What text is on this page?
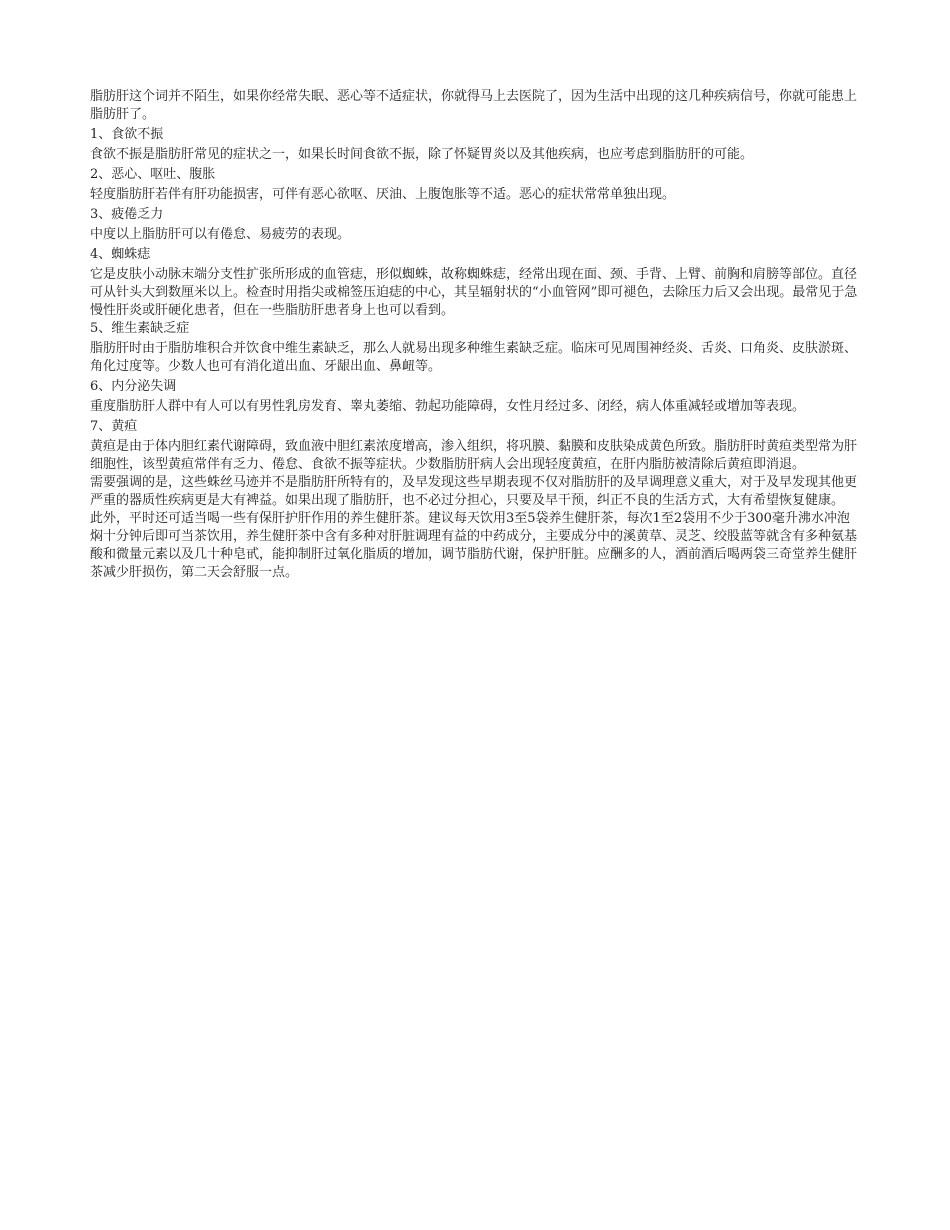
脂肪肝这个词并不陌生，如果你经常失眠、恶心等不适症状，你就得马上去医院了，因为生活中出现的这几种疾病信号，你就可能患上脂肪肝了。

1、食欲不振

食欲不振是脂肪肝常见的症状之一，如果长时间食欲不振，除了怀疑胃炎以及其他疾病，也应考虑到脂肪肝的可能。

2、恶心、呕吐、腹胀

轻度脂肪肝若伴有肝功能损害，可伴有恶心欲呕、厌油、上腹饱胀等不适。恶心的症状常常单独出现。

3、疲倦乏力

中度以上脂肪肝可以有倦怠、易疲劳的表现。

4、蜘蛛痣

它是皮肤小动脉末端分支性扩张所形成的血管痣，形似蜘蛛，故称蜘蛛痣，经常出现在面、颈、手背、上臂、前胸和肩膀等部位。直径可从针头大到数厘米以上。检查时用指尖或棉签压迫痣的中心，其呈辐射状的“小血管网”即可褪色，去除压力后又会出现。最常见于急慢性肝炎或肝硬化患者，但在一些脂肪肝患者身上也可以看到。

5、维生素缺乏症

脂肪肝时由于脂肪堆积合并饮食中维生素缺乏，那么人就易出现多种维生素缺乏症。临床可见周围神经炎、舌炎、口角炎、皮肤淤斑、角化过度等。少数人也可有消化道出血、牙龈出血、鼻衄等。

6、内分泌失调

重度脂肪肝人群中有人可以有男性乳房发育、睾丸萎缩、勃起功能障碍，女性月经过多、闭经，病人体重减轻或增加等表现。

7、黄疸

黄疸是由于体内胆红素代谢障碍，致血液中胆红素浓度增高，渗入组织，将巩膜、黏膜和皮肤染成黄色所致。脂肪肝时黄疸类型常为肝细胞性，该型黄疸常伴有乏力、倦怠、食欲不振等症状。少数脂肪肝病人会出现轻度黄疸，在肝内脂肪被清除后黄疸即消退。

需要强调的是，这些蛛丝马迹并不是脂肪肝所特有的，及早发现这些早期表现不仅对脂肪肝的及早调理意义重大，对于及早发现其他更严重的器质性疾病更是大有裨益。如果出现了脂肪肝，也不必过分担心，只要及早干预，纠正不良的生活方式，大有希望恢复健康。

此外，平时还可适当喝一些有保肝护肝作用的养生健肝茶。建议每天饮用3至5袋养生健肝茶，每次1至2袋用不少于300毫升沸水冲泡焖十分钟后即可当茶饮用，养生健肝茶中含有多种对肝脏调理有益的中药成分，主要成分中的溪黄草、灵芝、绞股蓝等就含有多种氨基酸和微量元素以及几十种皂甙，能抑制肝过氧化脂质的增加，调节脂肪代谢，保护肝脏。应酬多的人，酒前酒后喝两袋三奇堂养生健肝茶减少肝损伤，第二天会舒服一点。
